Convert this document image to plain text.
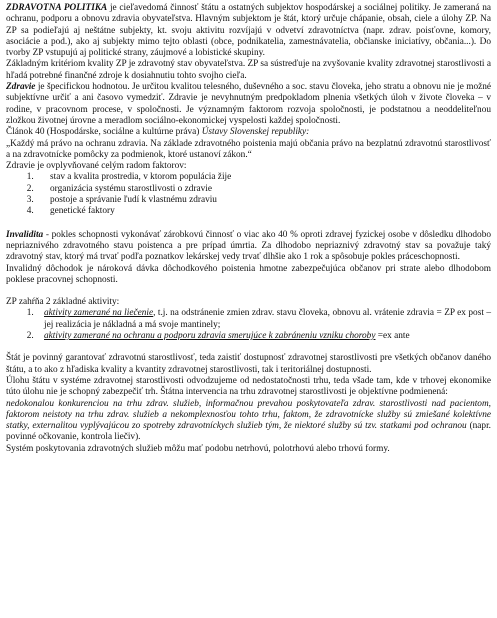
ZDRAVOTNA POLITIKA je cieľavedomá činnosť štátu a ostatných subjektov hospodárskej a sociálnej politiky. Je zameraná na ochranu, podporu a obnovu zdravia obyvateľstva. Hlavným subjektom je štát, ktorý určuje chápanie, obsah, ciele a úlohy ZP. Na ZP sa podieľajú aj neštátne subjekty, kt. svoju aktivitu rozvíjajú v odvetví zdravotníctva (napr. zdrav. poisťovne, komory, asociácie a pod.), ako aj subjekty mimo tejto oblasti (obce, podnikatelia, zamestnávatelia, občianske iniciatívy, občania...). Do tvorby ZP vstupujú aj politické strany, záujmové a lobistické skupiny.

Základným kritériom kvality ZP je zdravotný stav obyvateľstva. ZP sa sústreďuje na zvyšovanie kvality zdravotnej starostlivosti a hľadá potrebné finančné zdroje k dosiahnutiu tohto svojho cieľa.

Zdravie je špecifickou hodnotou. Je určitou kvalitou telesného, duševného a soc. stavu človeka, jeho stratu a obnovu nie je možné subjektívne určiť a ani časovo vymedziť. Zdravie je nevyhnutným predpokladom plnenia všetkých úloh v živote človeka – v rodine, v pracovnom procese, v spoločnosti. Je významným faktorom rozvoja spoločnosti, je podstatnou a neoddeliteľnou zložkou životnej úrovne a meradlom sociálno-ekonomickej vyspelosti každej spoločnosti.

Článok 40 (Hospodárske, sociálne a kultúrne práva) Ústavy Slovenskej republiky:

„Každý má právo na ochranu zdravia. Na základe zdravotného poistenia majú občania právo na bezplatnú zdravotnú starostlivosť a na zdravotnícke pomôcky za podmienok, ktoré ustanoví zákon.“

Zdravie je ovplyvňované celým radom faktorov:

1. stav a kvalita prostredia, v ktorom populácia žije
2. organizácia systému starostlivosti o zdravie
3. postoje a správanie ľudí k vlastnému zdraviu
4. genetické faktory

Invalidita - pokles schopnosti vykonávať zárobkovú činnosť o viac ako 40 % oproti zdravej fyzickej osobe v dôsledku dlhodobo nepriaznivého zdravotného stavu poistenca a pre prípad úmrtia. Za dlhodobo nepriaznivý zdravotný stav sa považuje taký zdravotný stav, ktorý má trvať podľa poznatkov lekárskej vedy trvať dlhšie ako 1 rok a spôsobuje pokles práceschopnosti.

Invalidný dôchodok je nároková dávka dôchodkového poistenia hmotne zabezpečujúca občanov pri strate alebo dlhodobom poklese pracovnej schopnosti.

ZP zahŕňa 2 základné aktivity:

1. aktivity zamerané na liečenie, t.j. na odstránenie zmien zdrav. stavu človeka, obnovu al. vrátenie zdravia = ZP ex post – jej realizácia je nákladná a má svoje mantinely;
2. aktivity zamerané na ochranu a podporu zdravia smerujúce k zabráneniu vzniku choroby =ex ante

Štát je povinný garantovať zdravotnú starostlivosť, teda zaistiť dostupnosť zdravotnej starostlivosti pre všetkých občanov daného štátu, a to ako z hľadiska kvality a kvantity zdravotnej starostlivosti, tak i teritoriálnej dostupnosti.

Úlohu štátu v systéme zdravotnej starostlivosti odvodzujeme od nedostatočnosti trhu, teda všade tam, kde v trhovej ekonomike túto úlohu nie je schopný zabezpečiť trh. Štátna intervencia na trhu zdravotnej starostlivosti je objektívne podmienená:

nedokonalou konkurenciou na trhu zdrav. služieb, informačnou prevahou poskytovateľa zdrav. starostlivosti nad pacientom, faktorom neistoty na trhu zdrav. služieb a nekomplexnosťou tohto trhu, faktom, že zdravotnícke služby sú zmiešané kolektívne statky, externalitou vyplývajúcou zo spotreby zdravotníckych služieb tým, že niektoré služby sú tzv. statkami pod ochranou (napr. povinné očkovanie, kontrola liečiv).

Systém poskytovania zdravotných služieb môžu mať podobu netrhovú, polotrhovú alebo trhovú formy.
